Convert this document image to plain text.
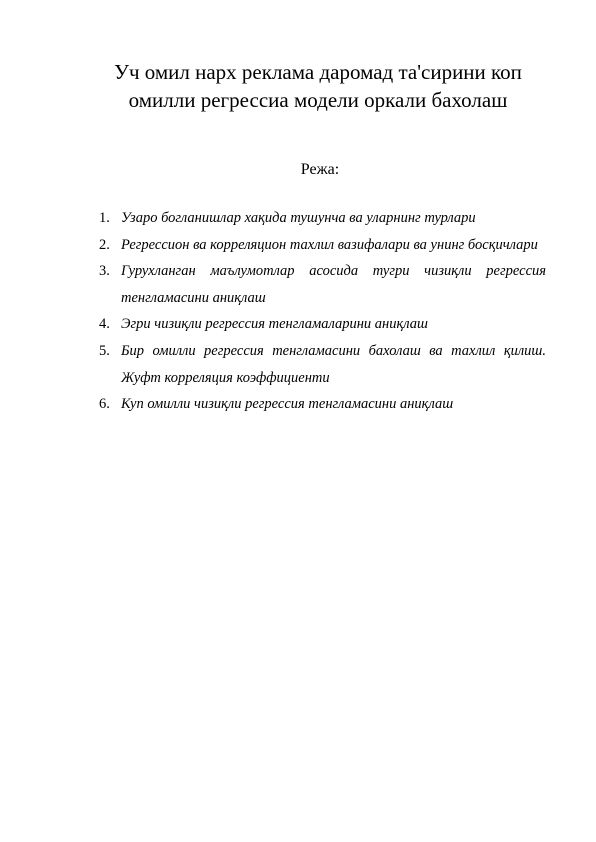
Уч омил нарх реклама даромад та'сирини коп омилли регрессиа модели оркали бахолаш

Режа:

1. Узаро богланишлар хақида тушунча ва уларнинг турлари
2. Регрессион ва корреляцион тахлил вазифалари ва унинг босқичлари
3. Гурухланган маълумотлар асосида тугри чизиқли регрессия тенгламасини аниқлаш
4. Эгри чизиқли регрессия тенгламаларини аниқлаш
5. Бир омилли регрессия тенгламасини бахолаш ва тахлил қилиш. Жуфт корреляция коэффициенти
6. Куп омилли чизиқли регрессия тенгламасини аниқлаш
